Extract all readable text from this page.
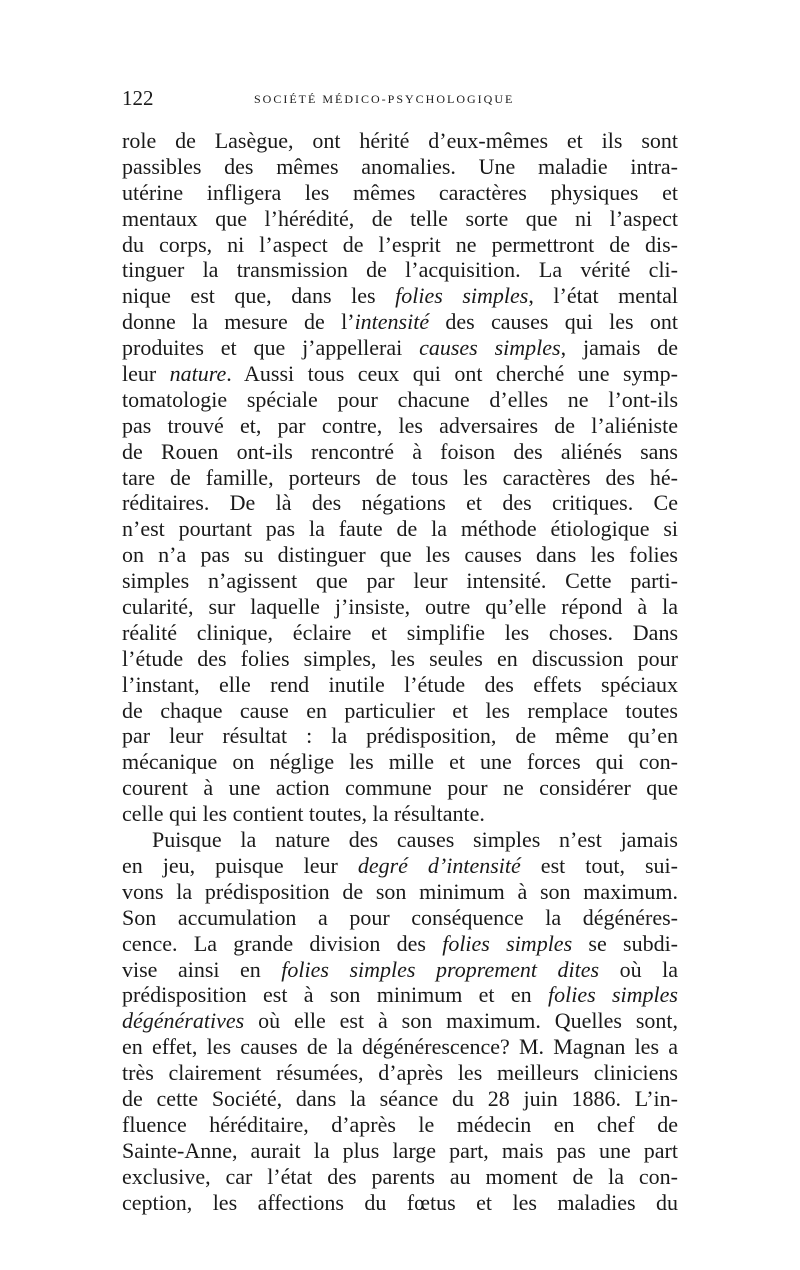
122	SOCIÉTÉ MÉDICO-PSYCHOLOGIQUE
role de Lasègue, ont hérité d’eux-mêmes et ils sont
passibles des mêmes anomalies. Une maladie intra-
utérine infligera les mêmes caractères physiques et
mentaux que l’hérédité, de telle sorte que ni l’aspect
du corps, ni l’aspect de l’esprit ne permettront de dis-
tinguer la transmission de l’acquisition. La vérité cli-
nique est que, dans les folies simples, l’état mental
donne la mesure de l’intensité des causes qui les ont
produites et que j’appellerai causes simples, jamais de
leur nature. Aussi tous ceux qui ont cherché une symp-
tomatologie spéciale pour chacune d’elles ne l’ont-ils
pas trouvé et, par contre, les adversaires de l’aliéniste
de Rouen ont-ils rencontré à foison des aliénés sans
tare de famille, porteurs de tous les caractères des hé-
réditaires. De là des négations et des critiques. Ce
n’est pourtant pas la faute de la méthode étiologique si
on n’a pas su distinguer que les causes dans les folies
simples n’agissent que par leur intensité. Cette parti-
cularité, sur laquelle j’insiste, outre qu’elle répond à la
réalité clinique, éclaire et simplifie les choses. Dans
l’étude des folies simples, les seules en discussion pour
l’instant, elle rend inutile l’étude des effets spéciaux
de chaque cause en particulier et les remplace toutes
par leur résultat : la prédisposition, de même qu’en
mécanique on néglige les mille et une forces qui con-
courent à une action commune pour ne considérer que
celle qui les contient toutes, la résultante.
Puisque la nature des causes simples n’est jamais
en jeu, puisque leur degré d’intensité est tout, sui-
vons la prédisposition de son minimum à son maximum.
Son accumulation a pour conséquence la dégénéres-
cence. La grande division des folies simples se subdi-
vise ainsi en folies simples proprement dites où la
prédisposition est à son minimum et en folies simples
dégénératives où elle est à son maximum. Quelles sont,
en effet, les causes de la dégénérescence? M. Magnan les a
très clairement résumées, d’après les meilleurs cliniciens
de cette Société, dans la séance du 28 juin 1886. L’in-
fluence héréditaire, d’après le médecin en chef de
Sainte-Anne, aurait la plus large part, mais pas une part
exclusive, car l’état des parents au moment de la con-
ception, les affections du fœtus et les maladies du
